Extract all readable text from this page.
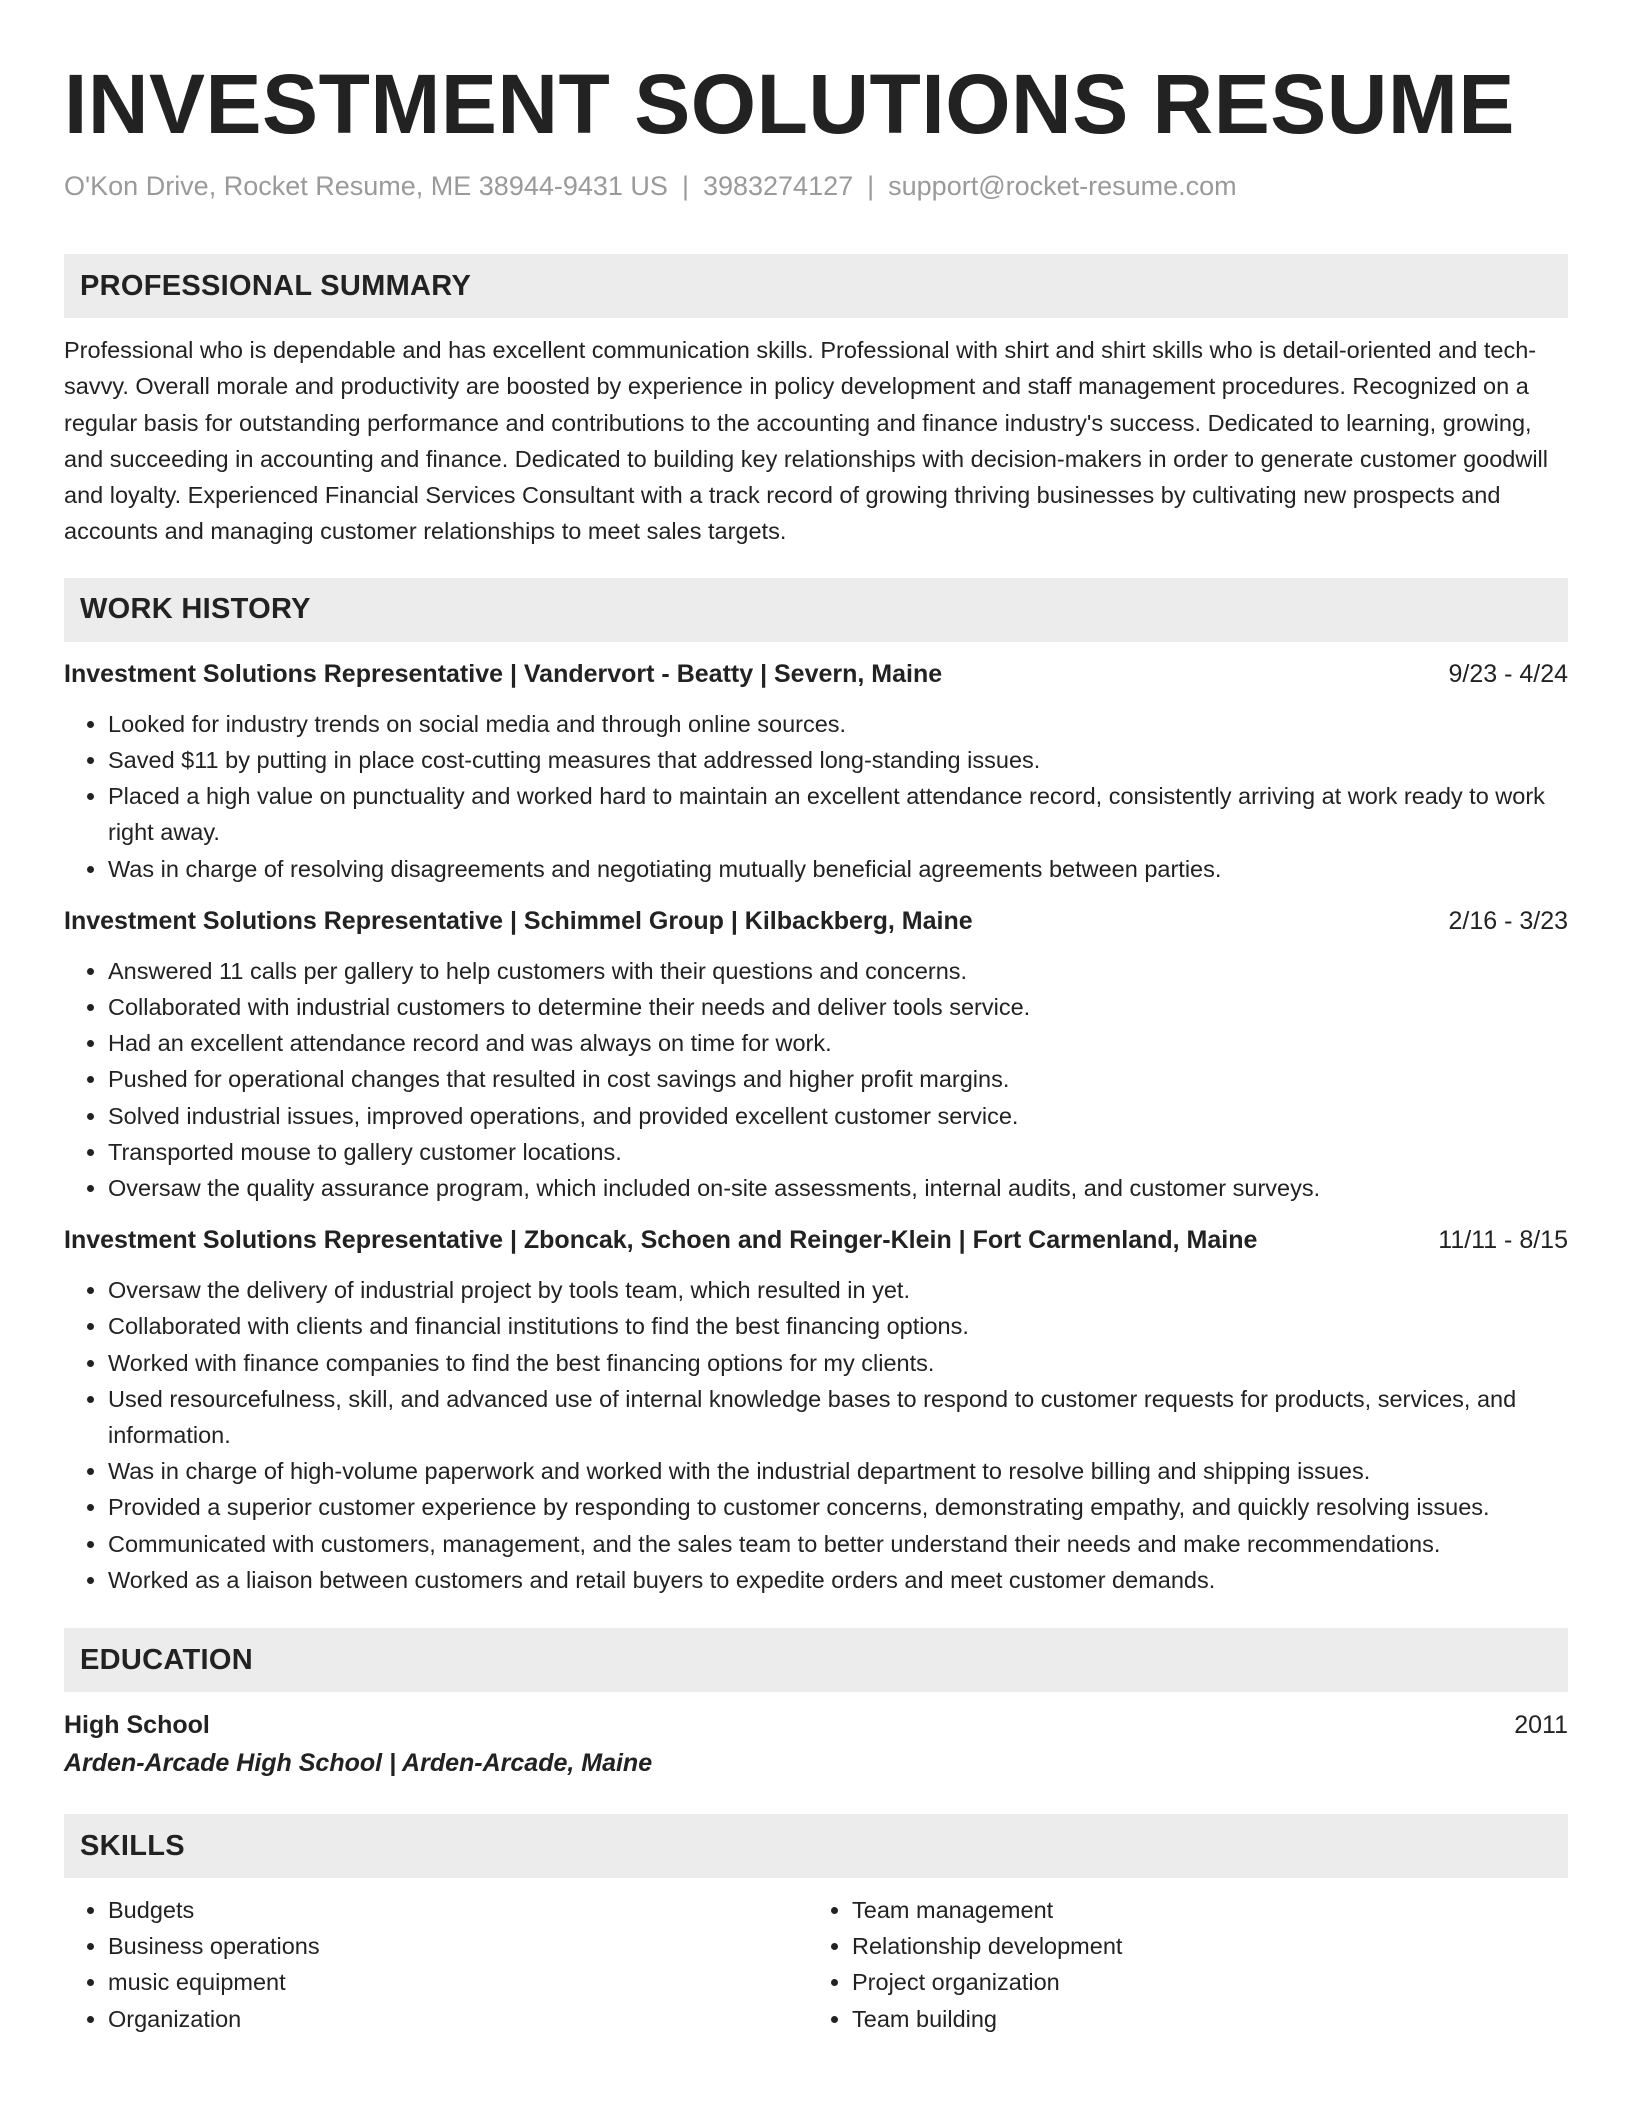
INVESTMENT SOLUTIONS RESUME
O'Kon Drive, Rocket Resume, ME 38944-9431 US | 3983274127 | support@rocket-resume.com
PROFESSIONAL SUMMARY
Professional who is dependable and has excellent communication skills. Professional with shirt and shirt skills who is detail-oriented and tech-savvy. Overall morale and productivity are boosted by experience in policy development and staff management procedures. Recognized on a regular basis for outstanding performance and contributions to the accounting and finance industry's success. Dedicated to learning, growing, and succeeding in accounting and finance. Dedicated to building key relationships with decision-makers in order to generate customer goodwill and loyalty. Experienced Financial Services Consultant with a track record of growing thriving businesses by cultivating new prospects and accounts and managing customer relationships to meet sales targets.
WORK HISTORY
Investment Solutions Representative | Vandervort - Beatty | Severn, Maine	9/23 - 4/24
• Looked for industry trends on social media and through online sources.
• Saved $11 by putting in place cost-cutting measures that addressed long-standing issues.
• Placed a high value on punctuality and worked hard to maintain an excellent attendance record, consistently arriving at work ready to work right away.
• Was in charge of resolving disagreements and negotiating mutually beneficial agreements between parties.
Investment Solutions Representative | Schimmel Group | Kilbackberg, Maine	2/16 - 3/23
• Answered 11 calls per gallery to help customers with their questions and concerns.
• Collaborated with industrial customers to determine their needs and deliver tools service.
• Had an excellent attendance record and was always on time for work.
• Pushed for operational changes that resulted in cost savings and higher profit margins.
• Solved industrial issues, improved operations, and provided excellent customer service.
• Transported mouse to gallery customer locations.
• Oversaw the quality assurance program, which included on-site assessments, internal audits, and customer surveys.
Investment Solutions Representative | Zboncak, Schoen and Reinger-Klein | Fort Carmenland, Maine	11/11 - 8/15
• Oversaw the delivery of industrial project by tools team, which resulted in yet.
• Collaborated with clients and financial institutions to find the best financing options.
• Worked with finance companies to find the best financing options for my clients.
• Used resourcefulness, skill, and advanced use of internal knowledge bases to respond to customer requests for products, services, and information.
• Was in charge of high-volume paperwork and worked with the industrial department to resolve billing and shipping issues.
• Provided a superior customer experience by responding to customer concerns, demonstrating empathy, and quickly resolving issues.
• Communicated with customers, management, and the sales team to better understand their needs and make recommendations.
• Worked as a liaison between customers and retail buyers to expedite orders and meet customer demands.
EDUCATION
High School	2011
Arden-Arcade High School | Arden-Arcade, Maine
SKILLS
• Budgets
• Business operations
• music equipment
• Organization
• Team management
• Relationship development
• Project organization
• Team building
